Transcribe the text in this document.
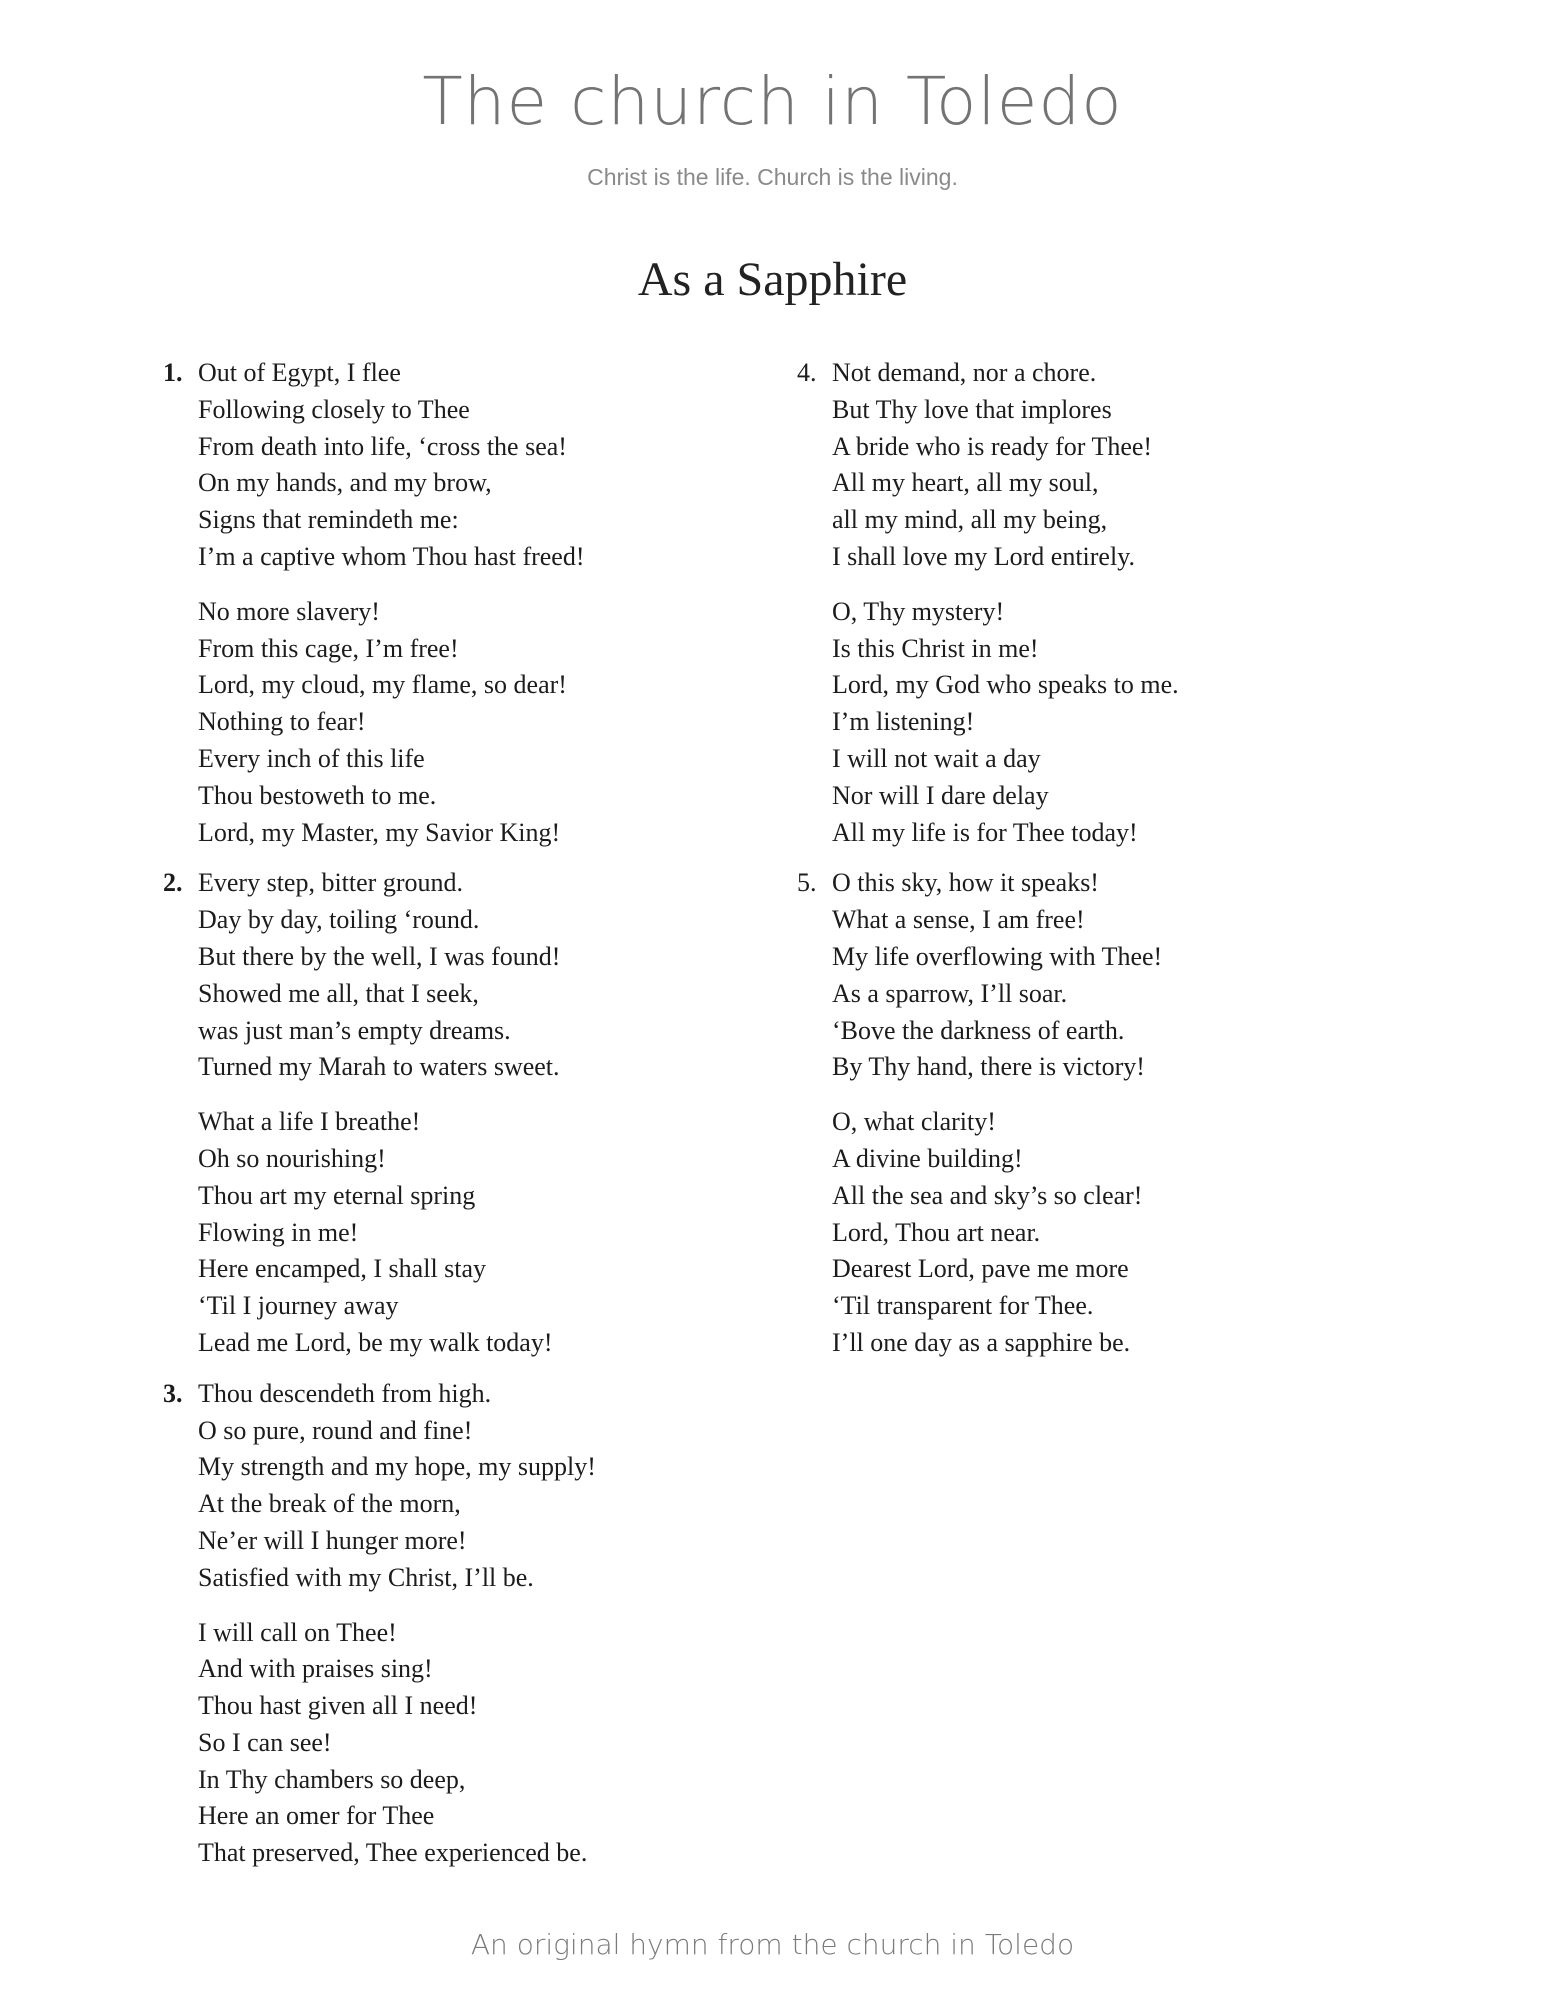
The church in Toledo
Christ is the life. Church is the living.
As a Sapphire
1. Out of Egypt, I flee
Following closely to Thee
From death into life, ‘cross the sea!
On my hands, and my brow,
Signs that remindeth me:
I’m a captive whom Thou hast freed!
No more slavery!
From this cage, I’m free!
Lord, my cloud, my flame, so dear!
Nothing to fear!
Every inch of this life
Thou bestoweth to me.
Lord, my Master, my Savior King!
2. Every step, bitter ground.
Day by day, toiling ‘round.
But there by the well, I was found!
Showed me all, that I seek,
was just man’s empty dreams.
Turned my Marah to waters sweet.
What a life I breathe!
Oh so nourishing!
Thou art my eternal spring
Flowing in me!
Here encamped, I shall stay
‘Til I journey away
Lead me Lord, be my walk today!
3. Thou descendeth from high.
O so pure, round and fine!
My strength and my hope, my supply!
At the break of the morn,
Ne’er will I hunger more!
Satisfied with my Christ, I’ll be.
I will call on Thee!
And with praises sing!
Thou hast given all I need!
So I can see!
In Thy chambers so deep,
Here an omer for Thee
That preserved, Thee experienced be.
4. Not demand, nor a chore.
But Thy love that implores
A bride who is ready for Thee!
All my heart, all my soul,
all my mind, all my being,
I shall love my Lord entirely.
O, Thy mystery!
Is this Christ in me!
Lord, my God who speaks to me.
I’m listening!
I will not wait a day
Nor will I dare delay
All my life is for Thee today!
5. O this sky, how it speaks!
What a sense, I am free!
My life overflowing with Thee!
As a sparrow, I’ll soar.
‘Bove the darkness of earth.
By Thy hand, there is victory!
O, what clarity!
A divine building!
All the sea and sky’s so clear!
Lord, Thou art near.
Dearest Lord, pave me more
‘Til transparent for Thee.
I’ll one day as a sapphire be.
An original hymn from the church in Toledo
